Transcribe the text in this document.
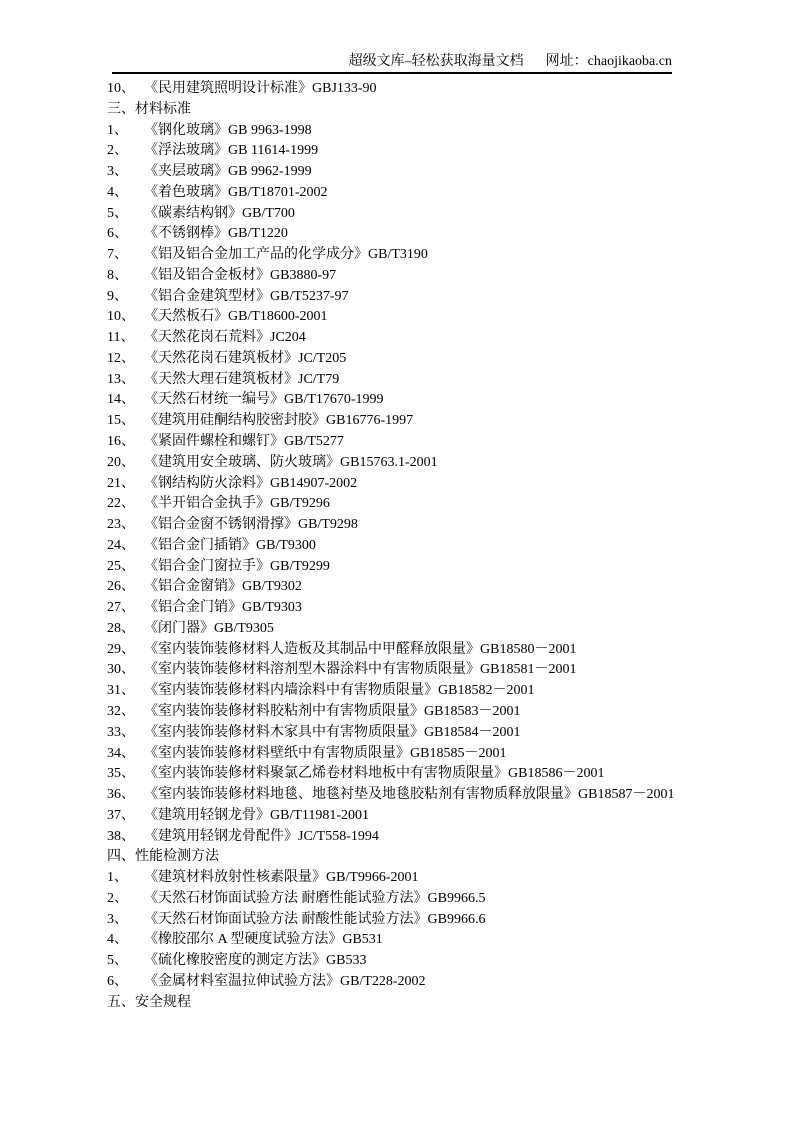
超级文库–轻松获取海量文档 网址：chaojikaoba.cn
10、 《民用建筑照明设计标准》GBJ133-90
三、 材料标准
1、	《钢化玻璃》GB 9963-1998
2、	《浮法玻璃》GB 11614-1999
3、	《夹层玻璃》GB 9962-1999
4、	《着色玻璃》GB/T18701-2002
5、	《碳素结构钢》GB/T700
6、	《不锈钢棒》GB/T1220
7、	《铝及铝合金加工产品的化学成分》GB/T3190
8、	《铝及铝合金板材》GB3880-97
9、	《铝合金建筑型材》GB/T5237-97
10、 《天然板石》GB/T18600-2001
11、 《天然花岗石荒料》JC204
12、 《天然花岗石建筑板材》JC/T205
13、 《天然大理石建筑板材》JC/T79
14、 《天然石材统一编号》GB/T17670-1999
15、 《建筑用硅酮结构胶密封胶》GB16776-1997
16、 《紧固件螺栓和螺钉》GB/T5277
20、 《建筑用安全玻璃、防火玻璃》GB15763.1-2001
21、 《钢结构防火涂料》GB14907-2002
22、 《半开铝合金执手》GB/T9296
23、 《铝合金窗不锈钢滑撑》GB/T9298
24、 《铝合金门插销》GB/T9300
25、 《铝合金门窗拉手》GB/T9299
26、 《铝合金窗销》GB/T9302
27、 《铝合金门销》GB/T9303
28、 《闭门器》GB/T9305
29、 《室内装饰装修材料人造板及其制品中甲醛释放限量》GB18580－2001
30、 《室内装饰装修材料溶剂型木器涂料中有害物质限量》GB18581－2001
31、 《室内装饰装修材料内墙涂料中有害物质限量》GB18582－2001
32、 《室内装饰装修材料胶粘剂中有害物质限量》GB18583－2001
33、 《室内装饰装修材料木家具中有害物质限量》GB18584－2001
34、 《室内装饰装修材料壁纸中有害物质限量》GB18585－2001
35、 《室内装饰装修材料聚氯乙烯卷材料地板中有害物质限量》GB18586－2001
36、 《室内装饰装修材料地毯、地毯衬垫及地毯胶粘剂有害物质释放限量》GB18587－2001
37、 《建筑用轻钢龙骨》GB/T11981-2001
38、 《建筑用轻钢龙骨配件》JC/T558-1994
四、 性能检测方法
1、	《建筑材料放射性核素限量》GB/T9966-2001
2、	《天然石材饰面试验方法 耐磨性能试验方法》GB9966.5
3、	《天然石材饰面试验方法 耐酸性能试验方法》GB9966.6
4、	《橡胶邵尔 A 型硬度试验方法》GB531
5、	《硫化橡胶密度的测定方法》GB533
6、	《金属材料室温拉伸试验方法》GB/T228-2002
五、 安全规程
